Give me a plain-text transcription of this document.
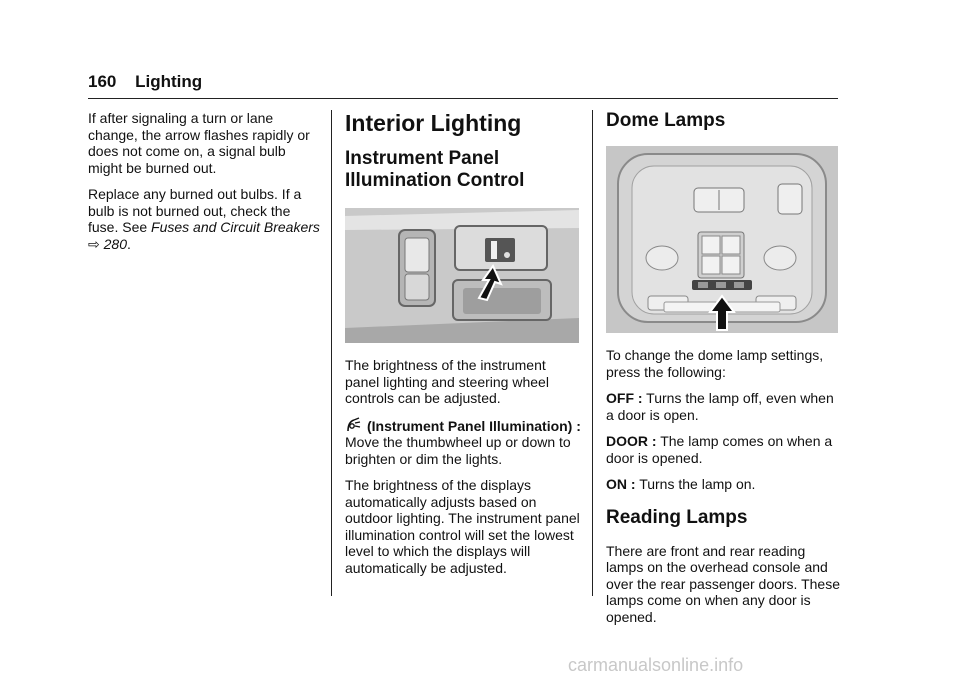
160 Lighting

If after signaling a turn or lane change, the arrow flashes rapidly or does not come on, a signal bulb might be burned out.

Replace any burned out bulbs. If a bulb is not burned out, check the fuse. See Fuses and Circuit Breakers ⇨ 280.

Interior Lighting
Instrument Panel Illumination Control

The brightness of the instrument panel lighting and steering wheel controls can be adjusted.

(Instrument Panel Illumination) : Move the thumbwheel up or down to brighten or dim the lights.

The brightness of the displays automatically adjusts based on outdoor lighting. The instrument panel illumination control will set the lowest level to which the displays will automatically be adjusted.

Dome Lamps

To change the dome lamp settings, press the following:

OFF : Turns the lamp off, even when a door is open.

DOOR : The lamp comes on when a door is opened.

ON : Turns the lamp on.

Reading Lamps

There are front and rear reading lamps on the overhead console and over the rear passenger doors. These lamps come on when any door is opened.

carmanualsonline.info
